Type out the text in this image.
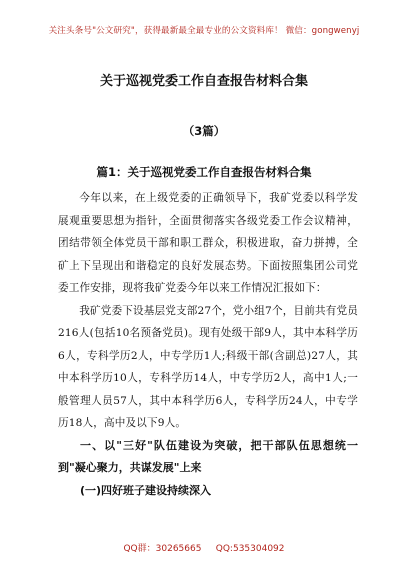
关注头条号"公文研究"，获得最新最全最专业的公文资料库！ 微信：gongwenyj
关于巡视党委工作自查报告材料合集
（3篇）
篇1：关于巡视党委工作自查报告材料合集

今年以来，在上级党委的正确领导下，我矿党委以科学发展观重要思想为指针，全面贯彻落实各级党委工作会议精神，团结带领全体党员干部和职工群众，积极进取，奋力拼搏，全矿上下呈现出和谐稳定的良好发展态势。下面按照集团公司党委工作安排，现将我矿党委今年以来工作情况汇报如下：

我矿党委下设基层党支部27个，党小组7个，目前共有党员216人(包括10名预备党员)。现有处级干部9人，其中本科学历6人，专科学历2人，中专学历1人;科级干部(含副总)27人，其中本科学历10人，专科学历14人，中专学历2人，高中1人;一般管理人员57人，其中本科学历6人，专科学历24人，中专学历18人，高中及以下9人。

一、以"三好"队伍建设为突破，把干部队伍思想统一到"凝心聚力，共谋发展"上来

(一)四好班子建设持续深入

QQ群：30265665 QQ:535304092
